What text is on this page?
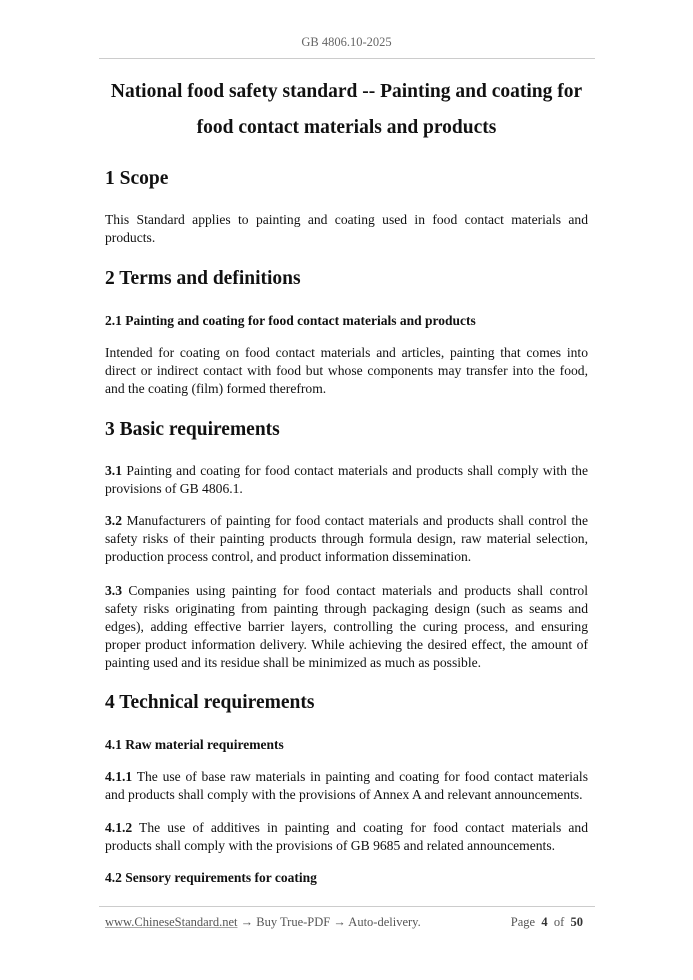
GB 4806.10-2025
National food safety standard -- Painting and coating for
food contact materials and products
1 Scope
This Standard applies to painting and coating used in food contact materials and products.
2 Terms and definitions
2.1 Painting and coating for food contact materials and products
Intended for coating on food contact materials and articles, painting that comes into direct or indirect contact with food but whose components may transfer into the food, and the coating (film) formed therefrom.
3 Basic requirements
3.1 Painting and coating for food contact materials and products shall comply with the provisions of GB 4806.1.
3.2 Manufacturers of painting for food contact materials and products shall control the safety risks of their painting products through formula design, raw material selection, production process control, and product information dissemination.
3.3 Companies using painting for food contact materials and products shall control safety risks originating from painting through packaging design (such as seams and edges), adding effective barrier layers, controlling the curing process, and ensuring proper product information delivery. While achieving the desired effect, the amount of painting used and its residue shall be minimized as much as possible.
4 Technical requirements
4.1 Raw material requirements
4.1.1 The use of base raw materials in painting and coating for food contact materials and products shall comply with the provisions of Annex A and relevant announcements.
4.1.2 The use of additives in painting and coating for food contact materials and products shall comply with the provisions of GB 9685 and related announcements.
4.2 Sensory requirements for coating
www.ChineseStandard.net → Buy True-PDF → Auto-delivery.	Page 4 of 50
